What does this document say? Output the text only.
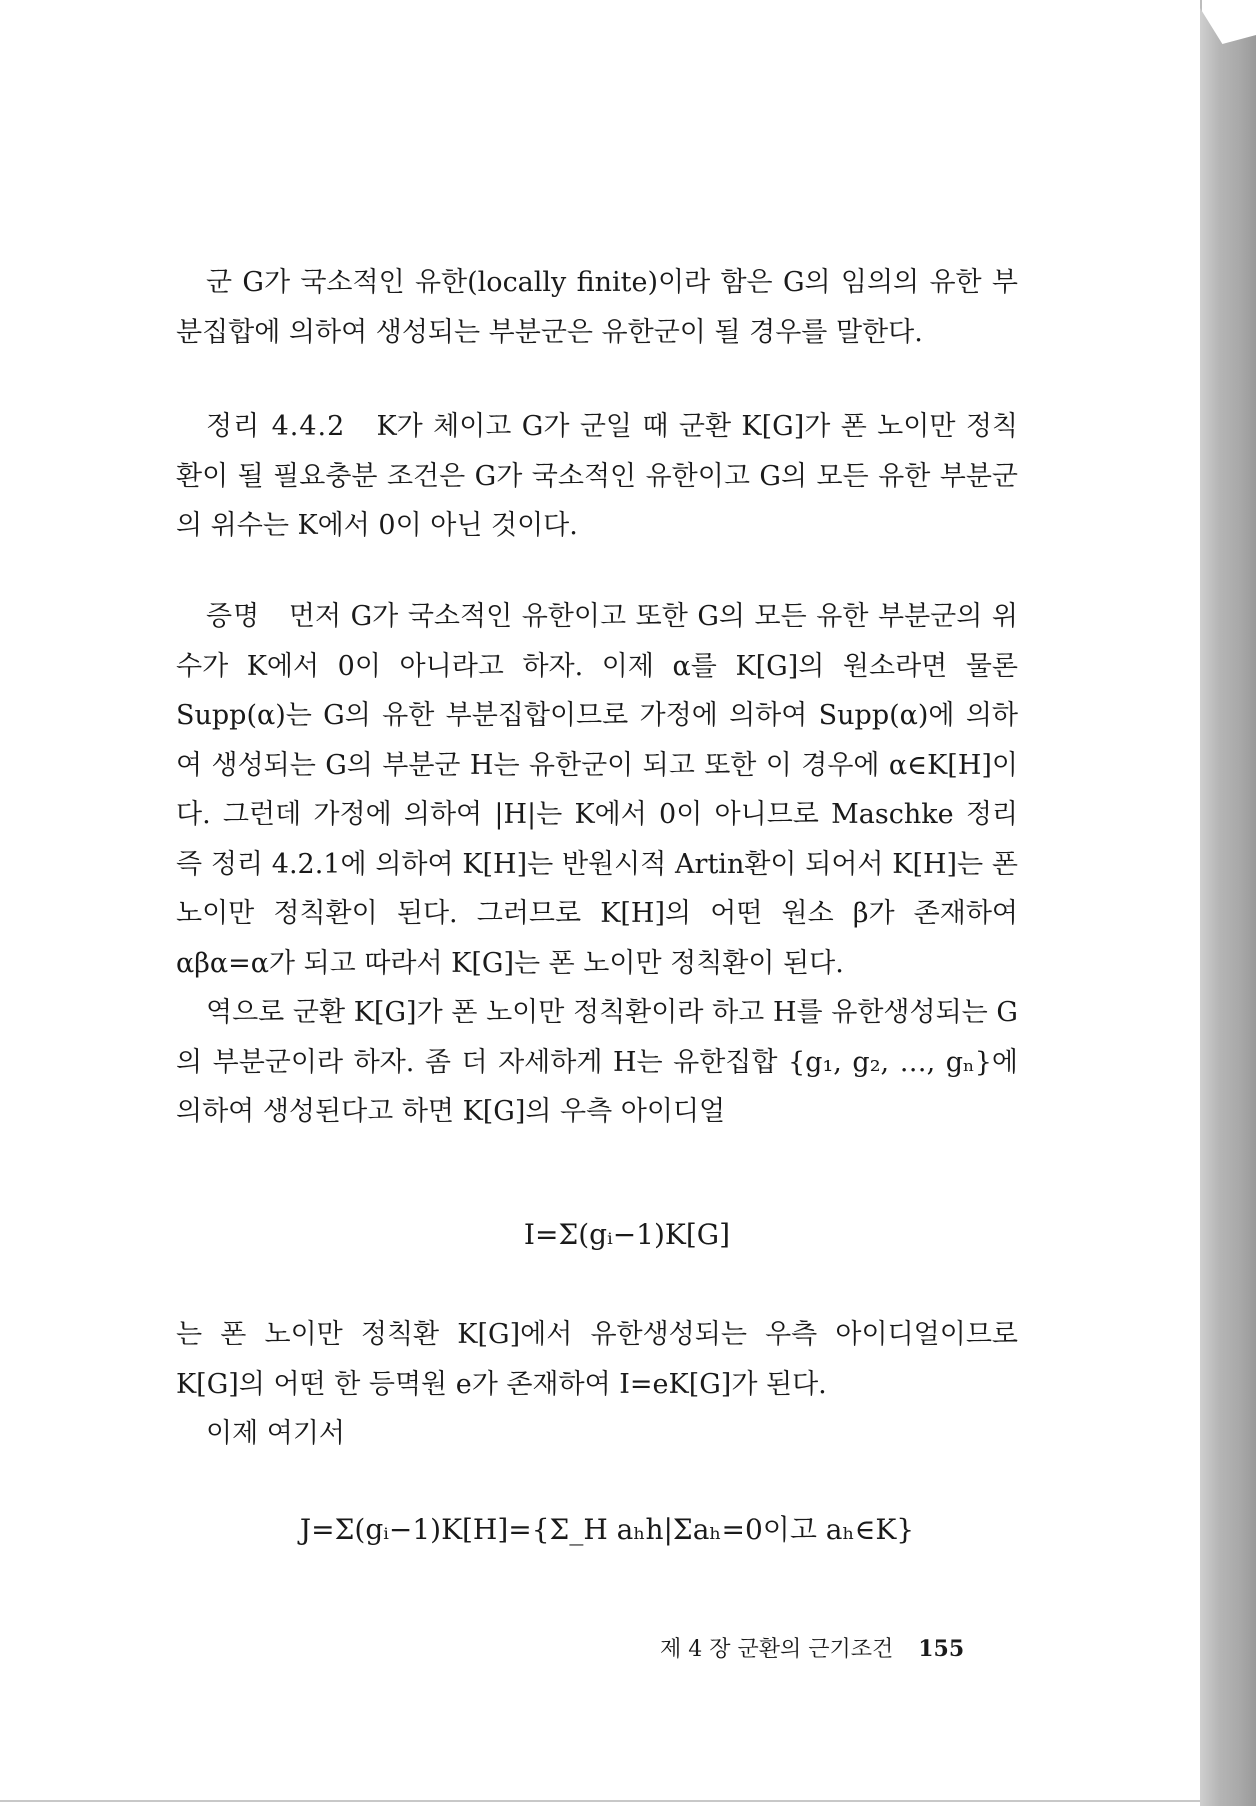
군 G가 국소적인 유한(locally finite)이라 함은 G의 임의의 유한 부분집합에 의하여 생성되는 부분군은 유한군이 될 경우를 말한다.

정리 4.4.2 K가 체이고 G가 군일 때 군환 K[G]가 폰 노이만 정칙환이 될 필요충분 조건은 G가 국소적인 유한이고 G의 모든 유한 부분군의 위수는 K에서 0이 아닌 것이다.

증명 먼저 G가 국소적인 유한이고 또한 G의 모든 유한 부분군의 위수가 K에서 0이 아니라고 하자. 이제 α를 K[G]의 원소라면 물론 Supp(α)는 G의 유한 부분집합이므로 가정에 의하여 Supp(α)에 의하여 생성되는 G의 부분군 H는 유한군이 되고 또한 이 경우에 α∈K[H]이다. 그런데 가정에 의하여 |H|는 K에서 0이 아니므로 Maschke 정리 즉 정리 4.2.1에 의하여 K[H]는 반원시적 Artin환이 되어서 K[H]는 폰 노이만 정칙환이 된다. 그러므로 K[H]의 어떤 원소 β가 존재하여 αβα=α가 되고 따라서 K[G]는 폰 노이만 정칙환이 된다.

역으로 군환 K[G]가 폰 노이만 정칙환이라 하고 H를 유한생성되는 G의 부분군이라 하자. 좀 더 자세하게 H는 유한집합 {g₁, g₂, …, gₙ}에 의하여 생성된다고 하면 K[G]의 우측 아이디얼

I=Σ(gᵢ−1)K[G]

는 폰 노이만 정칙환 K[G]에서 유한생성되는 우측 아이디얼이므로 K[G]의 어떤 한 등멱원 e가 존재하여 I=eK[G]가 된다.

이제 여기서

J=Σ(gᵢ−1)K[H]={Σ_H aₕh|Σaₕ=0이고 aₕ∈K}
제 4 장 군환의 근기조건 155
